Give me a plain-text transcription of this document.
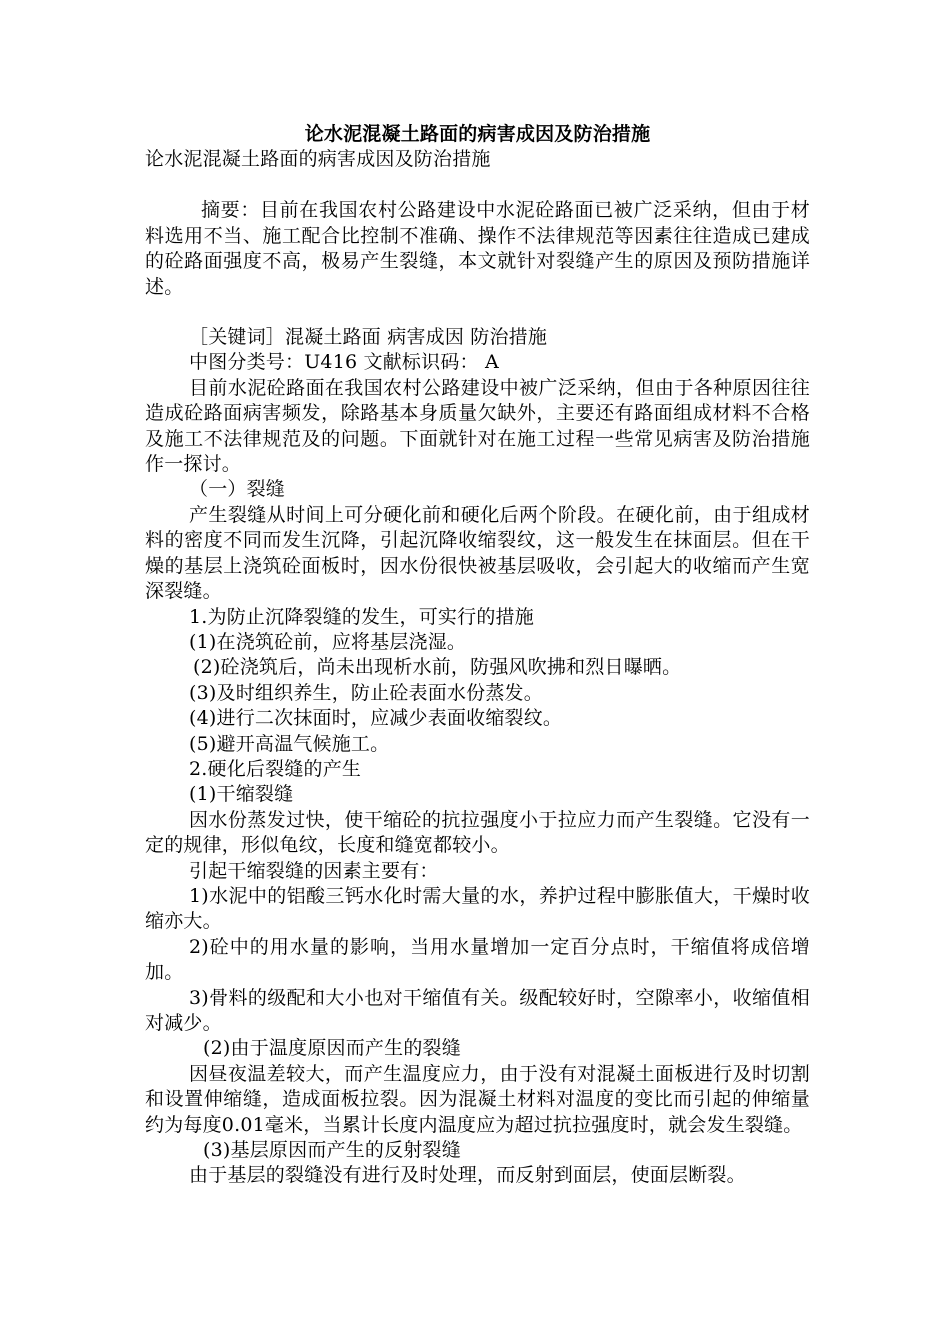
论水泥混凝土路面的病害成因及防治措施

论水泥混凝土路面的病害成因及防治措施

摘要：目前在我国农村公路建设中水泥砼路面已被广泛采纳，但由于材料选用不当、施工配合比控制不准确、操作不法律规范等因素往往造成已建成的砼路面强度不高，极易产生裂缝，本文就针对裂缝产生的原因及预防措施详述。

［关键词］混凝土路面 病害成因 防治措施

中图分类号：U416 文献标识码： A

目前水泥砼路面在我国农村公路建设中被广泛采纳，但由于各种原因往往造成砼路面病害频发，除路基本身质量欠缺外，主要还有路面组成材料不合格及施工不法律规范及的问题。下面就针对在施工过程一些常见病害及防治措施作一探讨。

（一）裂缝

产生裂缝从时间上可分硬化前和硬化后两个阶段。在硬化前，由于组成材料的密度不同而发生沉降，引起沉降收缩裂纹，这一般发生在抹面层。但在干燥的基层上浇筑砼面板时，因水份很快被基层吸收，会引起大的收缩而产生宽深裂缝。

1.为防止沉降裂缝的发生，可实行的措施

(1)在浇筑砼前，应将基层浇湿。

(2)砼浇筑后，尚未出现析水前，防强风吹拂和烈日曝晒。

(3)及时组织养生，防止砼表面水份蒸发。

(4)进行二次抹面时，应减少表面收缩裂纹。

(5)避开高温气候施工。

2.硬化后裂缝的产生

(1)干缩裂缝

因水份蒸发过快，使干缩砼的抗拉强度小于拉应力而产生裂缝。它没有一定的规律，形似龟纹，长度和缝宽都较小。

引起干缩裂缝的因素主要有：

1)水泥中的铝酸三钙水化时需大量的水，养护过程中膨胀值大，干燥时收缩亦大。

2)砼中的用水量的影响，当用水量增加一定百分点时，干缩值将成倍增加。

3)骨料的级配和大小也对干缩值有关。级配较好时，空隙率小，收缩值相对减少。

(2)由于温度原因而产生的裂缝

因昼夜温差较大，而产生温度应力，由于没有对混凝土面板进行及时切割和设置伸缩缝，造成面板拉裂。因为混凝土材料对温度的变比而引起的伸缩量约为每度0.01毫米，当累计长度内温度应为超过抗拉强度时，就会发生裂缝。

(3)基层原因而产生的反射裂缝

由于基层的裂缝没有进行及时处理，而反射到面层，使面层断裂。
